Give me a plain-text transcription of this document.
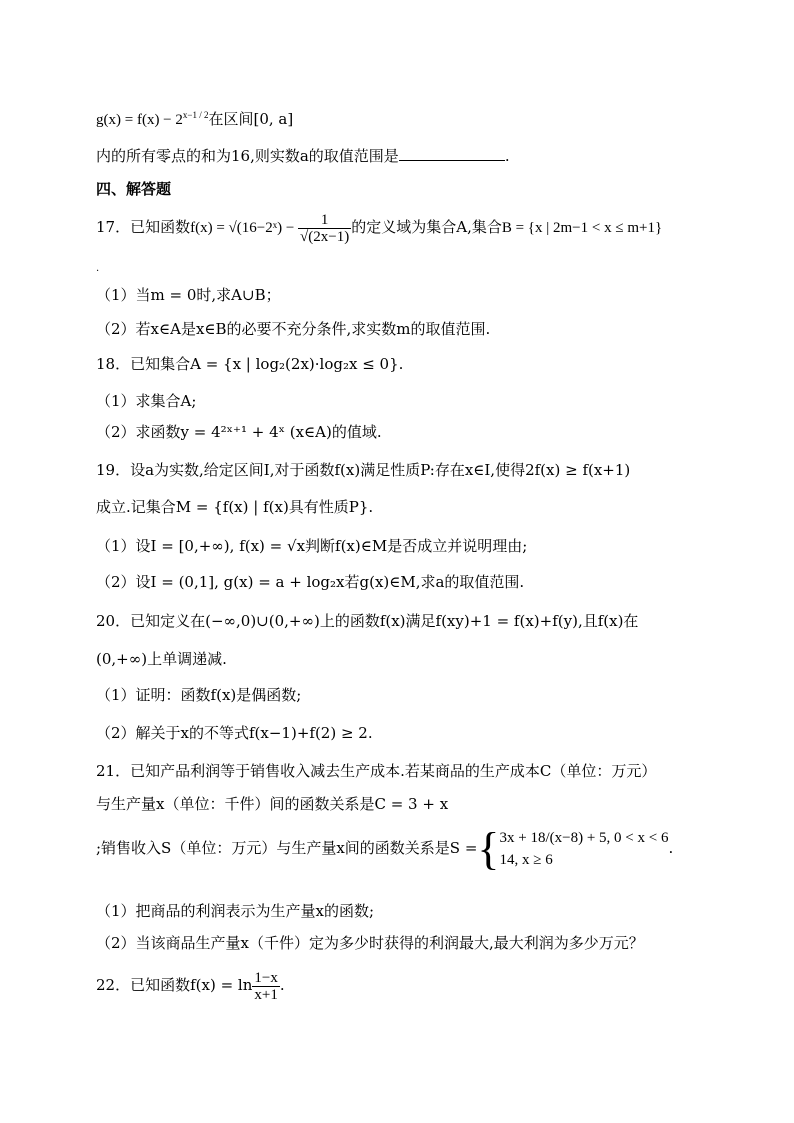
$g(x) = f(x) - 2^{x-1 / 2}$在区间[0, a]
内的所有零点的和为16,则实数a的取值范围是	.
四、解答题
17．已知函数f(x) = √(16−2ˣ) − $\frac{1}{√(2x-1)}$ 的定义域为集合A,集合B = {x | 2m−1 < x ≤ m+1}
.
（1）当m = 0时,求A∪B；
（2）若x∈A是x∈B的必要不充分条件,求实数m的取值范围.
18．已知集合A = {x | log₂(2x)·log₂x ≤ 0}.
（1）求集合A;
（2）求函数y = 4²ˣ⁺¹ + 4ˣ (x∈A)的值域.
19．设a为实数,给定区间I,对于函数f(x)满足性质P:存在x∈I,使得2f(x) ≥ f(x+1)
成立.记集合M = {f(x) | f(x)具有性质P}.
（1）设I = [0,+∞), f(x) = √x判断f(x)∈M是否成立并说明理由;
（2）设I = (0,1], g(x) = a + log₂x若g(x)∈M,求a的取值范围.
20．已知定义在(−∞,0)∪(0,+∞)上的函数f(x)满足f(xy)+1 = f(x)+f(y),且f(x)在
(0,+∞)上单调递减.
（1）证明：函数f(x)是偶函数;
（2）解关于x的不等式f(x−1)+f(2) ≥ 2.
21．已知产品利润等于销售收入减去生产成本.若某商品的生产成本C（单位：万元）
与生产量x（单位：千件）间的函数关系是C = 3 + x
;销售收入S（单位：万元）与生产量x间的函数关系是S ={ 3x + 18/(x−8) + 5, 0 < x < 6
14, x ≥ 6
.
（1）把商品的利润表示为生产量x的函数;
（2）当该商品生产量x（千件）定为多少时获得的利润最大,最大利润为多少万元？
22．已知函数$f(x) = \ln \frac{1-x}{x+1}$ .
